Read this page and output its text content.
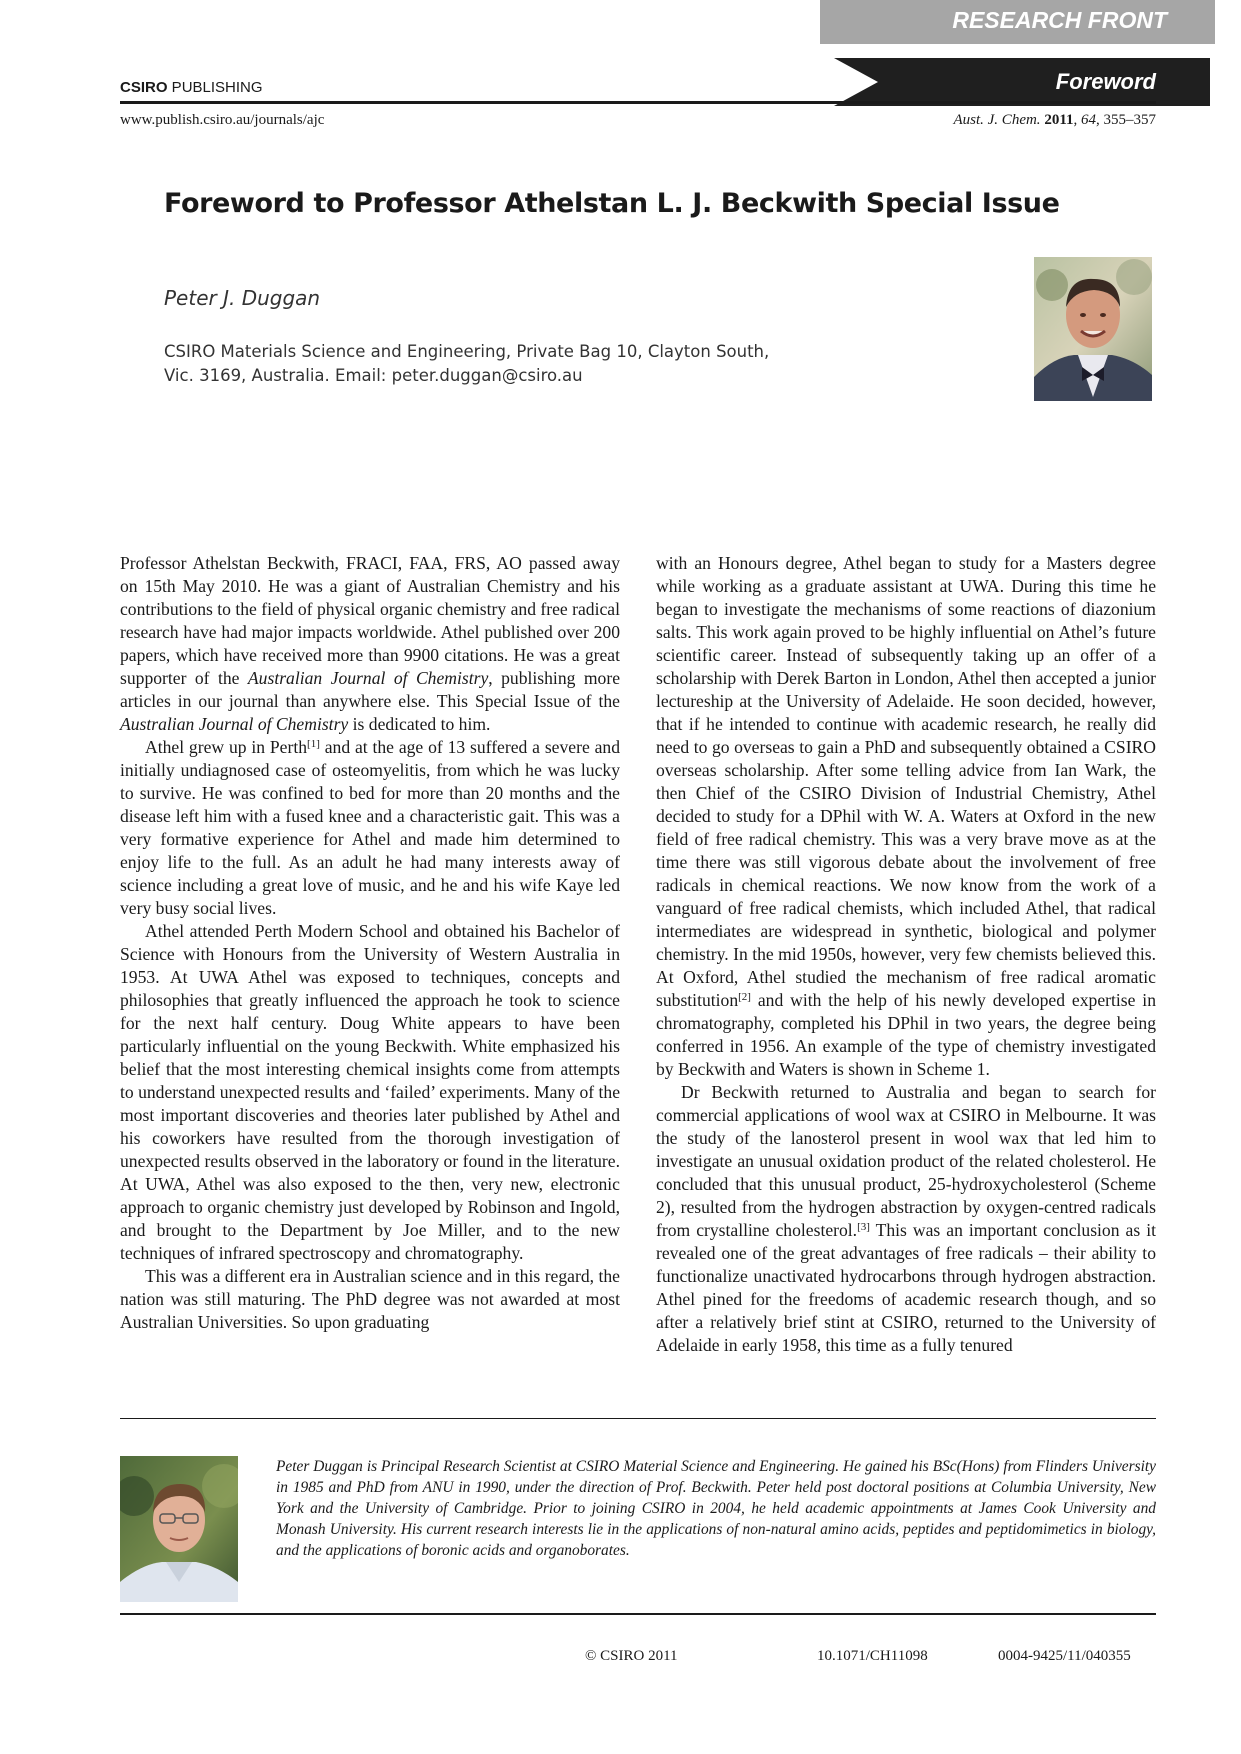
RESEARCH FRONT
Foreword
CSIRO PUBLISHING
www.publish.csiro.au/journals/ajc	Aust. J. Chem. 2011, 64, 355–357
Foreword to Professor Athelstan L. J. Beckwith Special Issue
Peter J. Duggan
CSIRO Materials Science and Engineering, Private Bag 10, Clayton South,
Vic. 3169, Australia. Email: peter.duggan@csiro.au

Professor Athelstan Beckwith, FRACI, FAA, FRS, AO passed away on 15th May 2010. He was a giant of Australian Chemistry and his contributions to the field of physical organic chemistry and free radical research have had major impacts worldwide. Athel published over 200 papers, which have received more than 9900 citations. He was a great supporter of the Australian Journal of Chemistry, publishing more articles in our journal than anywhere else. This Special Issue of the Australian Journal of Chemistry is dedicated to him.

Athel grew up in Perth[1] and at the age of 13 suffered a severe and initially undiagnosed case of osteomyelitis, from which he was lucky to survive. He was confined to bed for more than 20 months and the disease left him with a fused knee and a characteristic gait. This was a very formative experience for Athel and made him determined to enjoy life to the full. As an adult he had many interests away of science including a great love of music, and he and his wife Kaye led very busy social lives.

Athel attended Perth Modern School and obtained his Bachelor of Science with Honours from the University of Western Australia in 1953. At UWA Athel was exposed to techniques, concepts and philosophies that greatly influenced the approach he took to science for the next half century. Doug White appears to have been particularly influential on the young Beckwith. White emphasized his belief that the most interesting chemical insights come from attempts to understand unexpected results and ‘failed’ experiments. Many of the most important discoveries and theories later published by Athel and his coworkers have resulted from the thorough investigation of unexpected results observed in the laboratory or found in the literature. At UWA, Athel was also exposed to the then, very new, electronic approach to organic chemistry just developed by Robinson and Ingold, and brought to the Department by Joe Miller, and to the new techniques of infrared spectroscopy and chromatography.

This was a different era in Australian science and in this regard, the nation was still maturing. The PhD degree was not awarded at most Australian Universities. So upon graduating

with an Honours degree, Athel began to study for a Masters degree while working as a graduate assistant at UWA. During this time he began to investigate the mechanisms of some reactions of diazonium salts. This work again proved to be highly influential on Athel’s future scientific career. Instead of subsequently taking up an offer of a scholarship with Derek Barton in London, Athel then accepted a junior lectureship at the University of Adelaide. He soon decided, however, that if he intended to continue with academic research, he really did need to go overseas to gain a PhD and subsequently obtained a CSIRO overseas scholarship. After some telling advice from Ian Wark, the then Chief of the CSIRO Division of Industrial Chemistry, Athel decided to study for a DPhil with W. A. Waters at Oxford in the new field of free radical chemistry. This was a very brave move as at the time there was still vigorous debate about the involvement of free radicals in chemical reactions. We now know from the work of a vanguard of free radical chemists, which included Athel, that radical intermediates are widespread in synthetic, biological and polymer chemistry. In the mid 1950s, however, very few chemists believed this. At Oxford, Athel studied the mechanism of free radical aromatic substitution[2] and with the help of his newly developed expertise in chromatography, completed his DPhil in two years, the degree being conferred in 1956. An example of the type of chemistry investigated by Beckwith and Waters is shown in Scheme 1.

Dr Beckwith returned to Australia and began to search for commercial applications of wool wax at CSIRO in Melbourne. It was the study of the lanosterol present in wool wax that led him to investigate an unusual oxidation product of the related cholesterol. He concluded that this unusual product, 25-hydroxycholesterol (Scheme 2), resulted from the hydrogen abstraction by oxygen-centred radicals from crystalline cholesterol.[3] This was an important conclusion as it revealed one of the great advantages of free radicals – their ability to functionalize unactivated hydrocarbons through hydrogen abstraction. Athel pined for the freedoms of academic research though, and so after a relatively brief stint at CSIRO, returned to the University of Adelaide in early 1958, this time as a fully tenured

Peter Duggan is Principal Research Scientist at CSIRO Material Science and Engineering. He gained his BSc(Hons) from Flinders University in 1985 and PhD from ANU in 1990, under the direction of Prof. Beckwith. Peter held post doctoral positions at Columbia University, New York and the University of Cambridge. Prior to joining CSIRO in 2004, he held academic appointments at James Cook University and Monash University. His current research interests lie in the applications of non-natural amino acids, peptides and peptidomimetics in biology, and the applications of boronic acids and organoborates.
© CSIRO 2011	10.1071/CH11098	0004-9425/11/040355
